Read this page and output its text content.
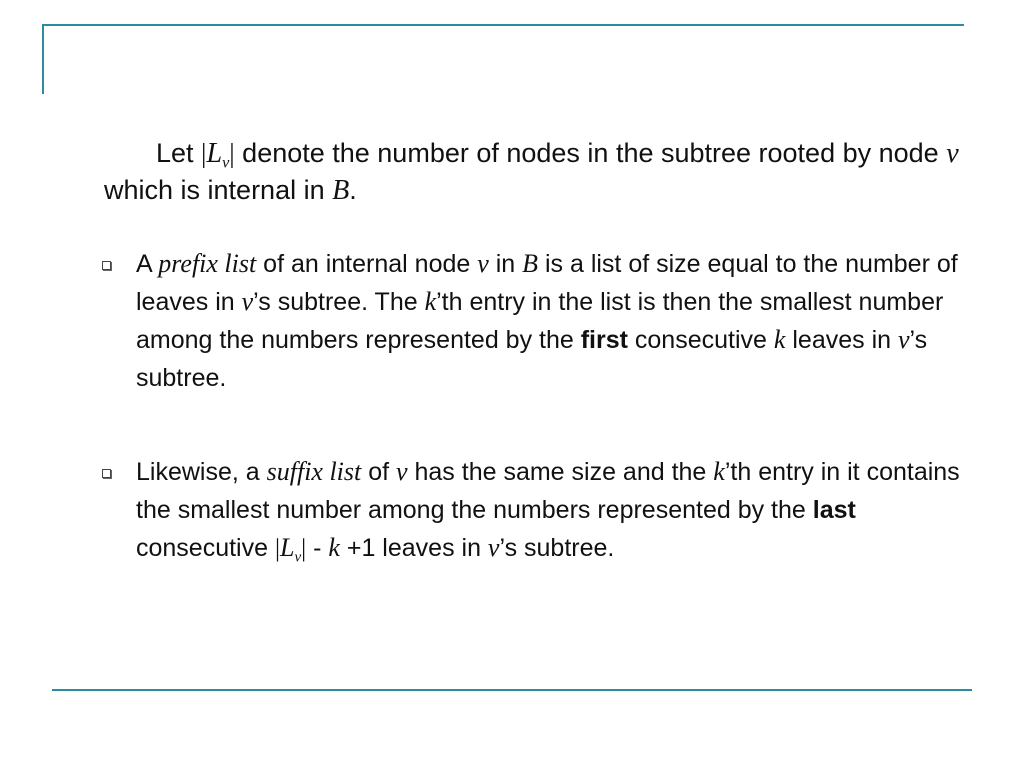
Let $|L_v|$ denote the number of nodes in the subtree rooted by node v which is internal in B.

A prefix list of an internal node v in B is a list of size equal to the number of leaves in v’s subtree. The k’th entry in the list is then the smallest number among the numbers represented by the first consecutive k leaves in v’s subtree.
Likewise, a suffix list of v has the same size and the k’th entry in it contains the smallest number among the numbers represented by the last consecutive $|L_v| - k +1$ leaves in v’s subtree.
